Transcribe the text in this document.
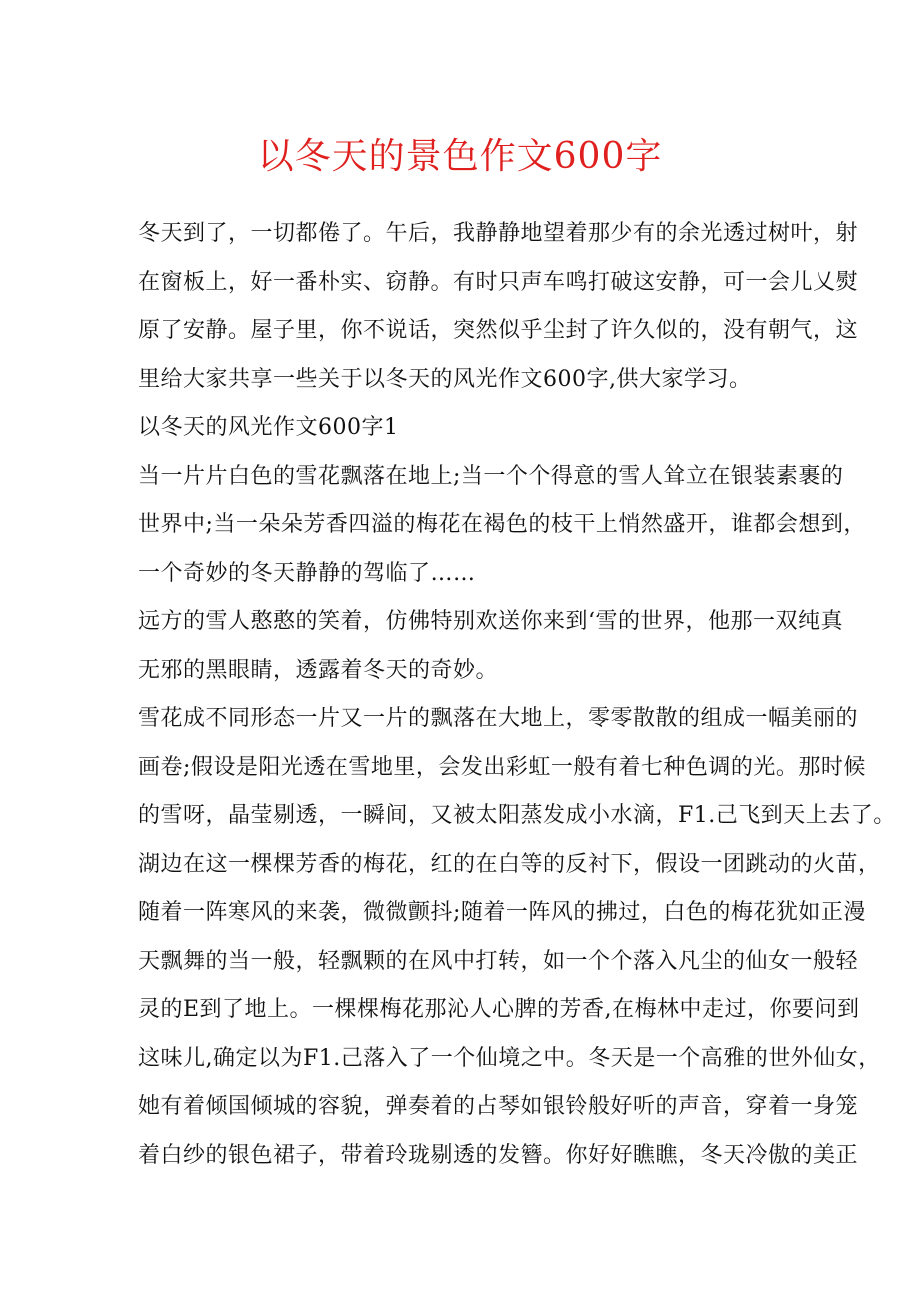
以冬天的景色作文600字
冬天到了，一切都倦了。午后，我静静地望着那少有的余光透过树叶，射
在窗板上，好一番朴实、窃静。有时只声车鸣打破这安静，可一会儿乂熨
原了安静。屋子里，你不说话，突然似乎尘封了许久似的，没有朝气，这
里给大家共享一些关于以冬天的风光作文600字,供大家学习。
以冬天的风光作文600字1
当一片片白色的雪花飘落在地上;当一个个得意的雪人耸立在银装素裹的
世界中;当一朵朵芳香四溢的梅花在褐色的枝干上悄然盛开，谁都会想到，
一个奇妙的冬天静静的驾临了……
远方的雪人憨憨的笑着，仿佛特别欢送你来到‘雪的世界，他那一双纯真
无邪的黑眼睛，透露着冬天的奇妙。
雪花成不同形态一片又一片的飘落在大地上，零零散散的组成一幅美丽的
画卷;假设是阳光透在雪地里，会发出彩虹一般有着七种色调的光。那时候
的雪呀，晶莹剔透，一瞬间，又被太阳蒸发成小水滴，F1.己飞到天上去了。
湖边在这一棵棵芳香的梅花，红的在白等的反衬下，假设一团跳动的火苗，
随着一阵寒风的来袭，微微颤抖;随着一阵风的拂过，白色的梅花犹如正漫
天飘舞的当一般，轻飘颗的在风中打转，如一个个落入凡尘的仙女一般轻
灵的E到了地上。一棵棵梅花那沁人心脾的芳香,在梅林中走过，你要问到
这味儿,确定以为F1.己落入了一个仙境之中。冬天是一个高雅的世外仙女，
她有着倾国倾城的容貌，弹奏着的占琴如银铃般好听的声音，穿着一身笼
着白纱的银色裙子，带着玲珑剔透的发簪。你好好瞧瞧，冬天冷傲的美正
